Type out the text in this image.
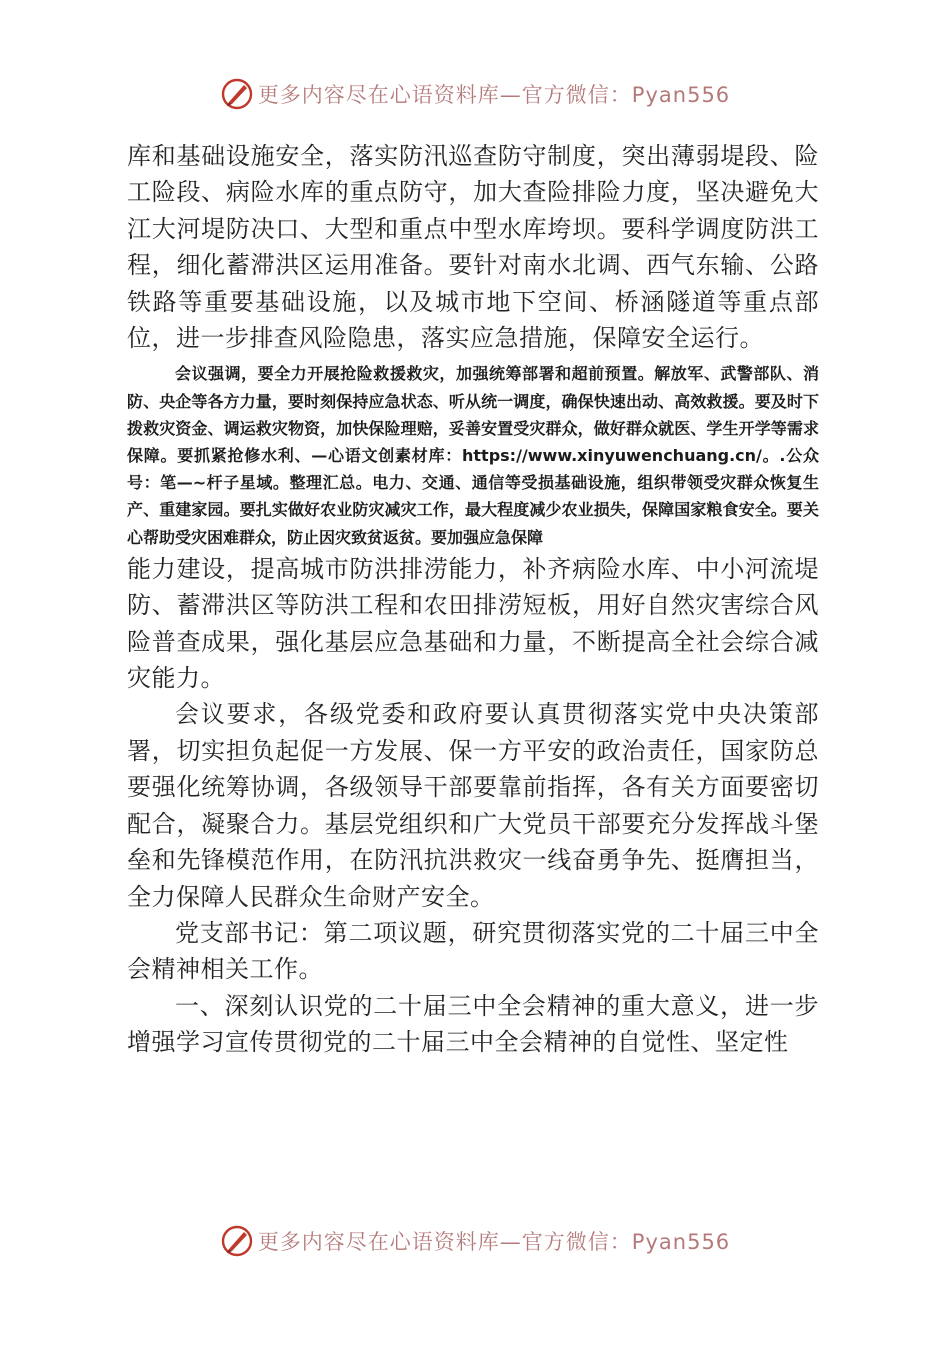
更多内容尽在心语资料库—官方微信：Pyan556

库和基础设施安全，落实防汛巡查防守制度，突出薄弱堤段、险工险段、病险水库的重点防守，加大查险排险力度，坚决避免大江大河堤防决口、大型和重点中型水库垮坝。要科学调度防洪工程，细化蓄滞洪区运用准备。要针对南水北调、西气东输、公路铁路等重要基础设施，以及城市地下空间、桥涵隧道等重点部位，进一步排查风险隐患，落实应急措施，保障安全运行。

会议强调，要全力开展抢险救援救灾，加强统筹部署和超前预置。解放军、武警部队、消防、央企等各方力量，要时刻保持应急状态、听从统一调度，确保快速出动、高效救援。要及时下拨救灾资金、调运救灾物资，加快保险理赔，妥善安置受灾群众，做好群众就医、学生开学等需求保障。要抓紧抢修水利、—心语文创素材库：https://www.xinyuwenchuang.cn/。.公众号：笔—~杆子星域。整理汇总。电力、交通、通信等受损基础设施，组织带领受灾群众恢复生产、重建家园。要扎实做好农业防灾减灾工作，最大程度减少农业损失，保障国家粮食安全。要关心帮助受灾困难群众，防止因灾致贫返贫。要加强应急保障

能力建设，提高城市防洪排涝能力，补齐病险水库、中小河流堤防、蓄滞洪区等防洪工程和农田排涝短板，用好自然灾害综合风险普查成果，强化基层应急基础和力量，不断提高全社会综合减灾能力。

会议要求，各级党委和政府要认真贯彻落实党中央决策部署，切实担负起促一方发展、保一方平安的政治责任，国家防总要强化统筹协调，各级领导干部要靠前指挥，各有关方面要密切配合，凝聚合力。基层党组织和广大党员干部要充分发挥战斗堡垒和先锋模范作用，在防汛抗洪救灾一线奋勇争先、挺膺担当，全力保障人民群众生命财产安全。

党支部书记：第二项议题，研究贯彻落实党的二十届三中全会精神相关工作。

一、深刻认识党的二十届三中全会精神的重大意义，进一步增强学习宣传贯彻党的二十届三中全会精神的自觉性、坚定性

更多内容尽在心语资料库—官方微信：Pyan556
